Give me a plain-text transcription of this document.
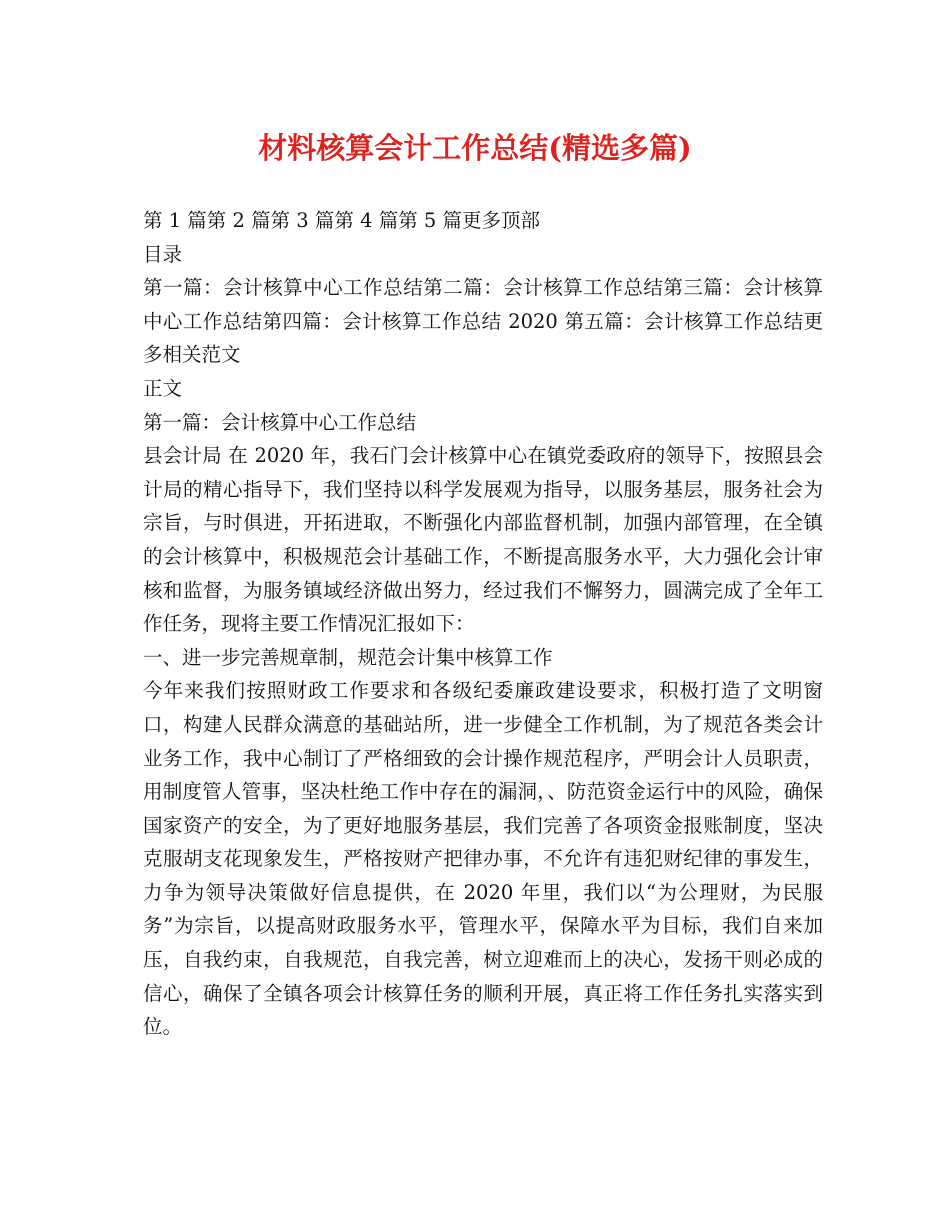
材料核算会计工作总结(精选多篇)

第 1 篇第 2 篇第 3 篇第 4 篇第 5 篇更多顶部

目录

第一篇：会计核算中心工作总结第二篇：会计核算工作总结第三篇：会计核算中心工作总结第四篇：会计核算工作总结 2020 第五篇：会计核算工作总结更多相关范文

正文

第一篇：会计核算中心工作总结

县会计局 在 2020 年，我石门会计核算中心在镇党委政府的领导下，按照县会计局的精心指导下，我们坚持以科学发展观为指导，以服务基层，服务社会为宗旨，与时俱进，开拓进取，不断强化内部监督机制，加强内部管理，在全镇的会计核算中，积极规范会计基础工作，不断提高服务水平，大力强化会计审核和监督，为服务镇域经济做出努力，经过我们不懈努力，圆满完成了全年工作任务，现将主要工作情况汇报如下：

一、进一步完善规章制，规范会计集中核算工作

今年来我们按照财政工作要求和各级纪委廉政建设要求，积极打造了文明窗口，构建人民群众满意的基础站所，进一步健全工作机制，为了规范各类会计业务工作，我中心制订了严格细致的会计操作规范程序，严明会计人员职责，用制度管人管事，坚决杜绝工作中存在的漏洞，、防范资金运行中的风险，确保国家资产的安全，为了更好地服务基层，我们完善了各项资金报账制度，坚决克服胡支花现象发生，严格按财产把律办事，不允许有违犯财纪律的事发生，力争为领导决策做好信息提供，在 2020 年里，我们以“为公理财，为民服务”为宗旨，以提高财政服务水平，管理水平，保障水平为目标，我们自来加压，自我约束，自我规范，自我完善，树立迎难而上的决心，发扬干则必成的信心，确保了全镇各项会计核算任务的顺利开展，真正将工作任务扎实落实到位。
